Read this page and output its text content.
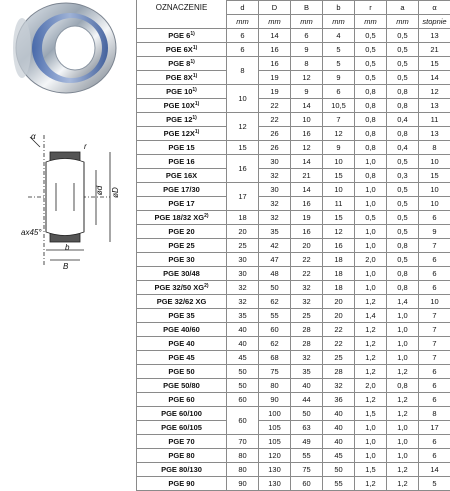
α
r
ax45°
ød øD
b
B
OZNACZENIE	
	d	D	B	b	r	a	α
	mm	mm	mm	mm	mm	mm	stopnie
PGE 6$^{1)}$	6	14	6	4	0,5	0,5	13
PGE $6X^{1)}$	6	16	9	5	0,5	0,5	21
PGE 8$^{1)}$	8	16	8	5	0,5	0,5	15
PGE $8X^{1)}$		19	12	9	0,5	0,5	14
PGE 10$^{1)}$	10	19	9	6	0,8	0,8	12
PGE $10X^{1)}$		22	14	10,5	0,8	0,8	13
PGE 12$^{1)}$	12	22	10	7	0,8	0,4	11
PGE $12X^{1)}$		26	16	12	0,8	0,8	13
PGE 15	15	26	12	9	0,8	0,4	8
PGE 16	16	30	14	10	1,0	0,5	10
PGE 16X		32	21	15	0,8	0,3	15
PGE 17/30	17	30	14	10	1,0	0,5	10
PGE 17		32	16	11	1,0	0,5	10
PGE 18/32 XG$^{2)}$	18	32	19	15	0,5	0,5	6
PGE 20	20	35	16	12	1,0	0,5	9
PGE 25	25	42	20	16	1,0	0,8	7
PGE 30	30	47	22	18	2,0	0,5	6
PGE 30/48	30	48	22	18	1,0	0,8	6
PGE 32/50 XG$^{2)}$	32	50	32	18	1,0	0,8	6
PGE 32/62 XG	32	62	32	20	1,2	1,4	10
PGE 35	35	55	25	20	1,4	1,0	7
PGE 40/60	40	60	28	22	1,2	1,0	7
PGE 40	40	62	28	22	1,2	1,0	7
PGE 45	45	68	32	25	1,2	1,0	7
PGE 50	50	75	35	28	1,2	1,2	6
PGE 50/80	50	80	40	32	2,0	0,8	6
PGE 60	60	90	44	36	1,2	1,2	6
PGE 60/100	60	100	50	40	1,5	1,2	8
PGE 60/105		105	63	40	1,0	1,0	17
PGE 70	70	105	49	40	1,0	1,0	6
PGE 80	80	120	55	45	1,0	1,0	6
PGE 80/130	80	130	75	50	1,5	1,2	14
PGE 90	90	130	60	55	1,2	1,2	5
